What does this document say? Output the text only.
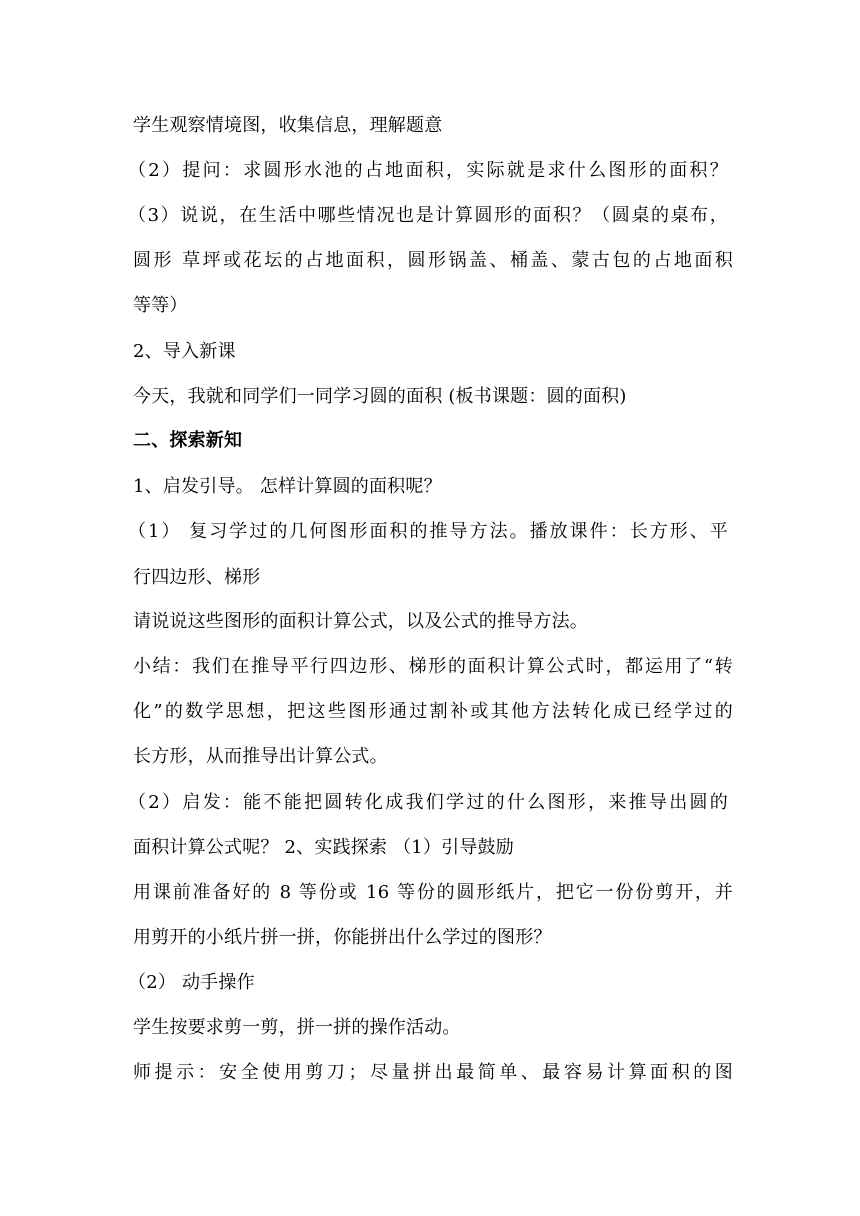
学生观察情境图，收集信息，理解题意
（2）提问：求圆形水池的占地面积，实际就是求什么图形的面积？
（3）说说，在生活中哪些情况也是计算圆形的面积？（圆桌的桌布，
圆形 草坪或花坛的占地面积，圆形锅盖、桶盖、蒙古包的占地面积
等等）
2、导入新课
今天，我就和同学们一同学习圆的面积 (板书课题：圆的面积)
二、探索新知
1、启发引导。 怎样计算圆的面积呢？
（1） 复习学过的几何图形面积的推导方法。播放课件：长方形、平
行四边形、梯形
请说说这些图形的面积计算公式，以及公式的推导方法。
小结：我们在推导平行四边形、梯形的面积计算公式时，都运用了“转
化”的数学思想，把这些图形通过割补或其他方法转化成已经学过的
长方形，从而推导出计算公式。
（2）启发：能不能把圆转化成我们学过的什么图形，来推导出圆的
面积计算公式呢？ 2、实践探索 （1）引导鼓励
用课前准备好的 8 等份或 16 等份的圆形纸片，把它一份份剪开，并
用剪开的小纸片拼一拼，你能拼出什么学过的图形？
（2） 动手操作
学生按要求剪一剪，拼一拼的操作活动。
师提示：安全使用剪刀；尽量拼出最简单、最容易计算面积的图
